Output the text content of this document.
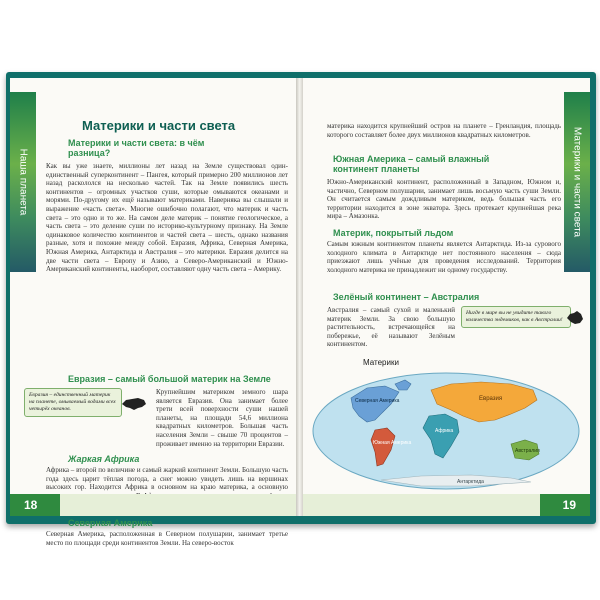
Наша планета
Материки и части света
Материки и части света: в чём разница?

Как вы уже знаете, миллионы лет назад на Земле существовал один-единственный суперконтинент – Пангея, который примерно 200 миллионов лет назад раскололся на несколько частей. Так на Земле появились шесть континентов – огромных участков суши, которые омываются океанами и морями. По-другому их ещё называют материками. Наверняка вы слышали и выражение «часть света». Многие ошибочно полагают, что материк и часть света – это одно и то же. На самом деле материк – понятие геологическое, а часть света – это деление суши по историко-культурному признаку. На Земле одинаковое количество континентов и частей света – шесть, однако названия разные, хотя и похожие между собой. Евразия, Африка, Северная Америка, Южная Америка, Антарктида и Австралия – это материки. Евразия делится на две части света – Европу и Азию, а Северо-Американский и Южно-Американский континенты, наоборот, составляют одну часть света – Америку.

Евразия – самый большой материк на Земле
Евразия – единственный материк на планете, омываемый водами всех четырёх океанов.

Крупнейшим материком земного шара является Евразия. Она занимает более трети всей поверхности суши нашей планеты, на площади 54,6 миллиона квадратных километров. Большая часть населения Земли – свыше 70 процентов – проживает именно на территории Евразии.

Жаркая Африка

Африка – второй по величине и самый жаркий континент Земли. Большую часть года здесь царит тёплая погода, а снег можно увидеть лишь на вершинах высоких гор. Находится Африка в основном на краю материка, а основную

Северная Америка

Северная Америка, расположенная в Северном полушарии, занимает третье место по площади среди континентов Земли. На северо-восток

18
Материки и части света

материка находится крупнейший остров на планете – Гренландия, площадь которого составляет более двух миллионов квадратных километров.

Южная Америка – самый влажный континент планеты

Южно-Американский континент, расположенный в Западном, Южном и, частично, Северном полушарии, занимает лишь восьмую часть суши Земли. Он считается самым дождливым материком, ведь большая часть его территории находится в зоне экватора. Здесь протекает крупнейшая река мира – Амазонка.

Материк, покрытый льдом

Самым южным континентом планеты является Антарктида. Из-за сурового холодного климата в Антарктиде нет постоянного населения – сюда приезжают лишь учёные для проведения исследований. Территория холодного материка не принадлежит ни одному государству.

Зелёный континент – Австралия

Австралия – самый сухой и маленький материк Земли. За свою большую растительность, встречающейся на побережье, её называют Зелёным континентом.

Нигде в мире вы не увидите такого количества эндемиков, как в Австралии!
Материки
Северная Америка
Южная Америка
Африка
Евразия
Австралия
Антарктида
19
